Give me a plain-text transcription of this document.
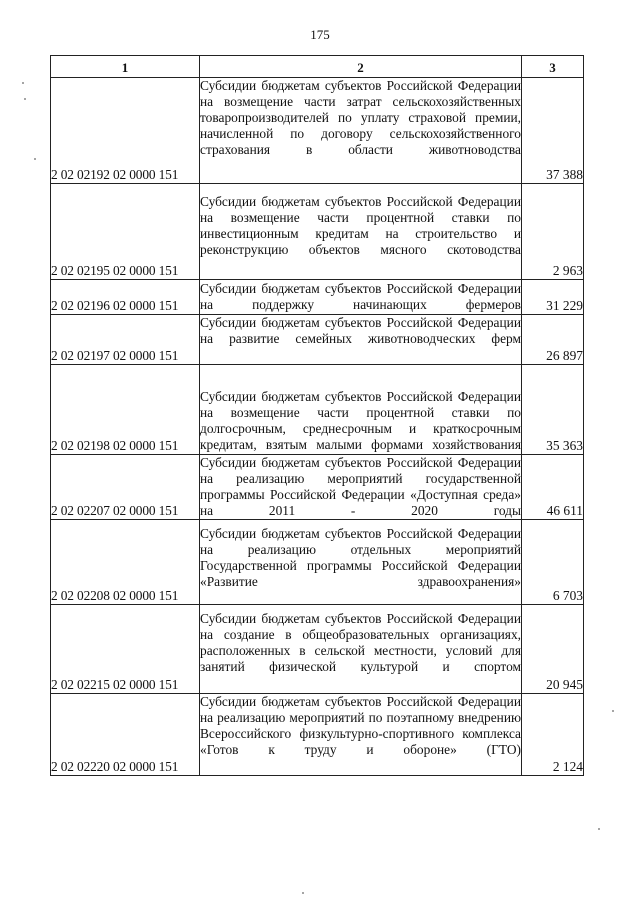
175
1	2	3
2 02 02192 02 0000 151	Субсидии бюджетам субъектов Российской Федерации на возмещение части затрат сельскохозяйственных товаропроизводителей по уплату страховой премии, начисленной по договору сельскохозяйственного страхования в области животноводства	37 388
2 02 02195 02 0000 151	Субсидии бюджетам субъектов Российской Федерации на возмещение части процентной ставки по инвестиционным кредитам на строительство и реконструкцию объектов мясного скотоводства	2 963
2 02 02196 02 0000 151	Субсидии бюджетам субъектов Российской Федерации на поддержку начинающих фермеров	31 229
2 02 02197 02 0000 151	Субсидии бюджетам субъектов Российской Федерации на развитие семейных животноводческих ферм	26 897
2 02 02198 02 0000 151	Субсидии бюджетам субъектов Российской Федерации на возмещение части процентной ставки по долгосрочным, среднесрочным и краткосрочным кредитам, взятым малыми формами хозяйствования	35 363
2 02 02207 02 0000 151	Субсидии бюджетам субъектов Российской Федерации на реализацию мероприятий государственной программы Российской Федерации «Доступная среда» на 2011 - 2020 годы	46 611
2 02 02208 02 0000 151	Субсидии бюджетам субъектов Российской Федерации на реализацию отдельных мероприятий Государственной программы Российской Федерации «Развитие здравоохранения»	6 703
2 02 02215 02 0000 151	Субсидии бюджетам субъектов Российской Федерации на создание в общеобразовательных организациях, расположенных в сельской местности, условий для занятий физической культурой и спортом	20 945
2 02 02220 02 0000 151	Субсидии бюджетам субъектов Российской Федерации на реализацию мероприятий по поэтапному внедрению Всероссийского физкультурно-спортивного комплекса «Готов к труду и обороне» (ГТО)	2 124
